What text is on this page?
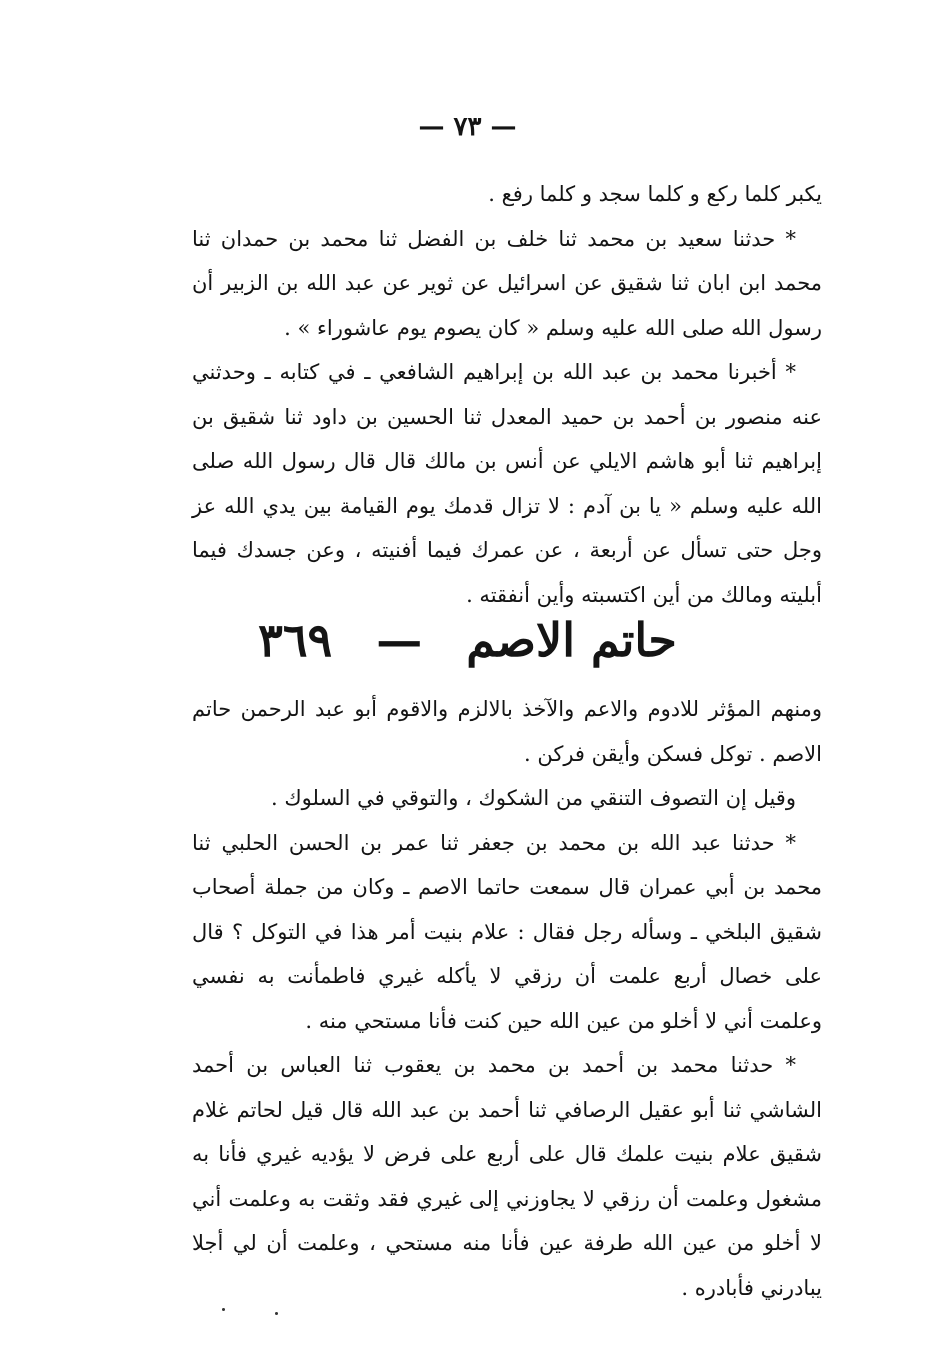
— ٧٣ —

يكبر كلما ركع و كلما سجد و كلما رفع .

* حدثنا سعيد بن محمد ثنا خلف بن الفضل ثنا محمد بن حمدان ثنا محمد ابن ابان ثنا شقيق عن اسرائيل عن ثوير عن عبد الله بن الزبير أن رسول الله صلى الله عليه وسلم « كان يصوم يوم عاشوراء » .

* أخبرنا محمد بن عبد الله بن إبراهيم الشافعي ـ في كتابه ـ وحدثني عنه منصور بن أحمد بن حميد المعدل ثنا الحسين بن داود ثنا شقيق بن إبراهيم ثنا أبو هاشم الايلي عن أنس بن مالك قال قال رسول الله صلى الله عليه وسلم « يا بن آدم : لا تزال قدمك يوم القيامة بين يدي الله عز وجل حتى تسأل عن أربعة ، عن عمرك فيما أفنيته ، وعن جسدك فيما أبليته ومالك من أين اكتسبته وأين أنفقته .

٣٦٩ — حاتم الاصم

ومنهم المؤثر للادوم والاعم والآخذ بالالزم والاقوم أبو عبد الرحمن حاتم الاصم . توكل فسكن وأيقن فركن .

وقيل إن التصوف التنقي من الشكوك ، والتوقي في السلوك .

* حدثنا عبد الله بن محمد بن جعفر ثنا عمر بن الحسن الحلبي ثنا محمد بن أبي عمران قال سمعت حاتما الاصم ـ وكان من جملة أصحاب شقيق البلخي ـ وسأله رجل فقال : علام بنيت أمر هذا في التوكل ؟ قال على خصال أربع علمت أن رزقي لا يأكله غيري فاطمأنت به نفسي وعلمت أني لا أخلو من عين الله حين كنت فأنا مستحي منه .

* حدثنا محمد بن أحمد بن محمد بن يعقوب ثنا العباس بن أحمد الشاشي ثنا أبو عقيل الرصافي ثنا أحمد بن عبد الله قال قيل لحاتم غلام شقيق علام بنيت علمك قال على أربع على فرض لا يؤديه غيري فأنا به مشغول وعلمت أن رزقي لا يجاوزني إلى غيري فقد وثقت به وعلمت أني لا أخلو من عين الله طرفة عين فأنا منه مستحي ، وعلمت أن لي أجلا يبادرني فأبادره .
